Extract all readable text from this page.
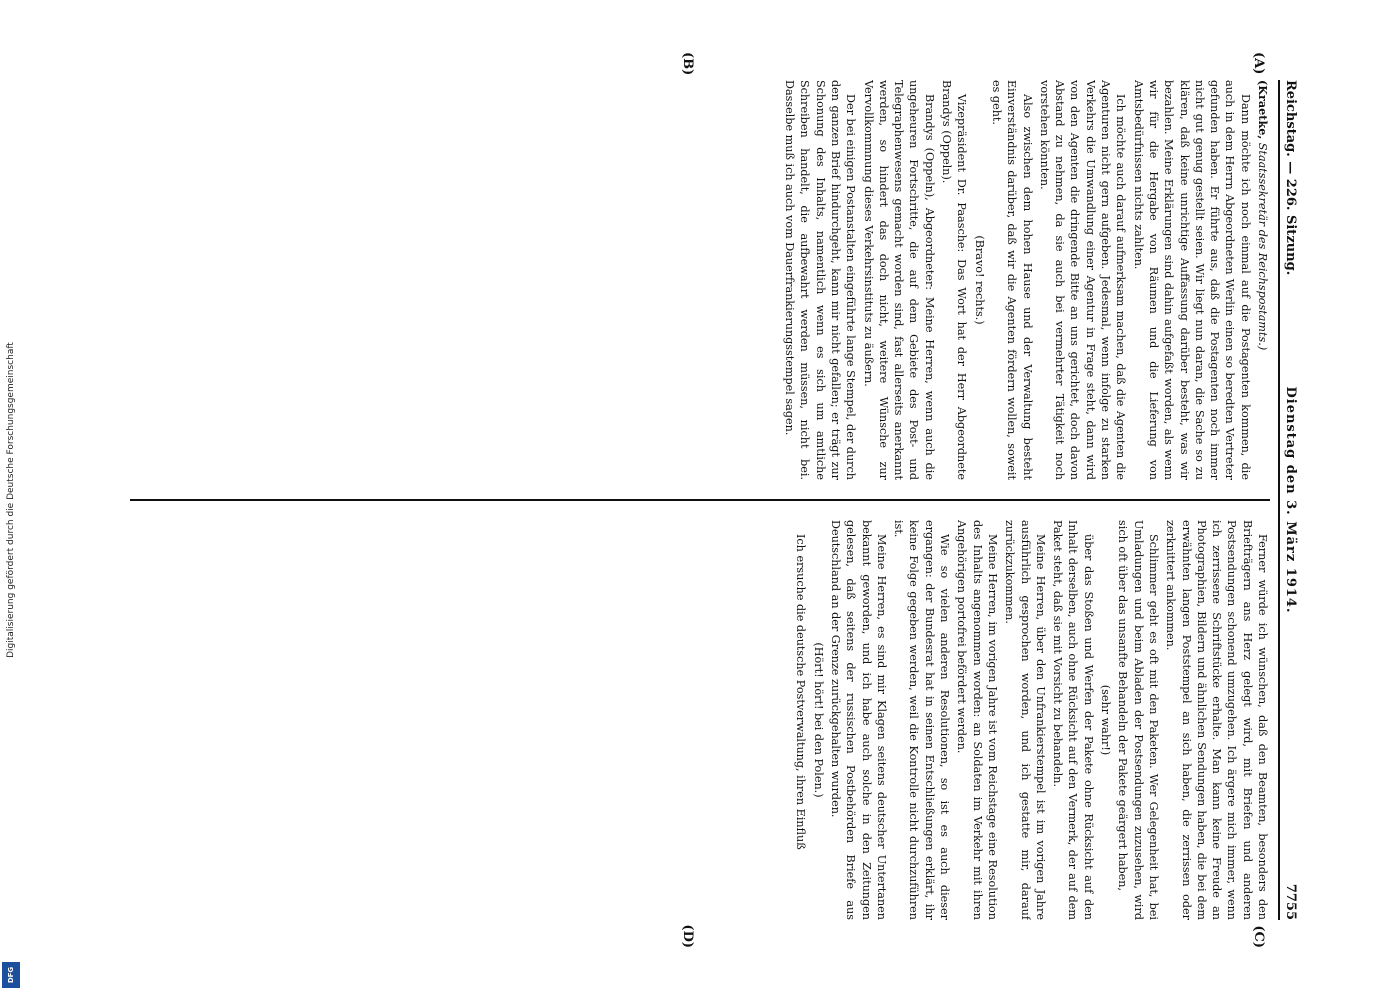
Digitalisierung gefördert durch die Deutsche Forschungsgemeinschaft
DFG
Reichstag. — 226. Sitzung.
Dienstag den 3. März 1914.
7755
(A)
(B)
(C)
(D)

(Kraetke, Staatssekretär des Reichspostamts.)

Dann möchte ich noch einmal auf die Postagenten kommen, die auch in dem Herrn Abgeordneten Werlin einen so beredten Vertreter gefunden haben. Er führte aus, daß die Postagenten noch immer nicht gut genug gestellt seien. Wir liegt nun daran, die Sache so zu klären, daß keine unrichtige Auffassung darüber besteht, was wir bezahlen. Meine Erklärungen sind dahin aufgefaßt worden, als wenn wir für die Hergabe von Räumen und die Lieferung von Amtsbedürfnissen nichts zahlten.

Ich möchte auch darauf aufmerksam machen, daß die Agenten die Agenturen nicht gern aufgeben. Jedesmal, wenn infolge zu starken Verkehrs die Umwandlung einer Agentur in Frage steht, dann wird von den Agenten die dringende Bitte an uns gerichtet, doch davon Abstand zu nehmen, da sie auch bei vermehrter Tätigkeit noch vorstehen könnten.

Also zwischen dem hohen Hause und der Verwaltung besteht Einverständnis darüber, daß wir die Agenten fördern wollen, soweit es geht.

(Bravo! rechts.)

Vizepräsident Dr. Paasche: Das Wort hat der Herr Abgeordnete Brandys (Oppeln).

Brandys (Oppeln), Abgeordneter: Meine Herren, wenn auch die ungeheuren Fortschritte, die auf dem Gebiete des Post- und Telegraphenwesens gemacht worden sind, fast allerseits anerkannt werden, so hindert das doch nicht, weitere Wünsche zur Vervollkommnung dieses Verkehrsinstituts zu äußern.

Der bei einigen Postanstalten eingeführte lange Stempel, der durch den ganzen Brief hindurchgeht, kann mir nicht gefallen; er trägt zur Schonung des Inhalts, namentlich wenn es sich um amtliche Schreiben handelt, die aufbewahrt werden müssen, nicht bei. Dasselbe muß ich auch vom Dauerfrankierungsstempel sagen.

Ferner würde ich wünschen, daß den Beamten, besonders den Briefträgern ans Herz gelegt wird, mit Briefen und anderen Postsendungen schonend umzugehen. Ich ärgere mich immer, wenn ich zerrissene Schriftstücke erhalte. Man kann keine Freude an Photographien, Bildern und ähnlichen Sendungen haben, die bei dem erwähnten langen Poststempel an sich haben, die zerrissen oder zerknittert ankommen.

Schlimmer geht es oft mit den Paketen. Wer Gelegenheit hat, bei Umladungen und beim Abladen der Postsendungen zuzusehen, wird sich oft über das unsanfte Behandeln der Pakete geärgert haben,

(sehr wahr!)

über das Stoßen und Werfen der Pakete ohne Rücksicht auf den Inhalt derselben, auch ohne Rücksicht auf den Vermerk, der auf dem Paket steht, daß sie mit Vorsicht zu behandeln.

Meine Herren, über den Unfrankierstempel ist im vorigen Jahre ausführlich gesprochen worden, und ich gestatte mir, darauf zurückzukommen.

Meine Herren, im vorigen Jahre ist vom Reichstage eine Resolution des Inhalts angenommen worden: an Soldaten im Verkehr mit ihren Angehörigen portofrei befördert werden.

Wie so vielen anderen Resolutionen, so ist es auch dieser ergangen: der Bundesrat hat in seinen Entschließungen erklärt, ihr keine Folge gegeben werden, weil die Kontrolle nicht durchzuführen ist.

Meine Herren, es sind mir Klagen seitens deutscher Untertanen bekannt geworden, und ich habe auch solche in den Zeitungen gelesen, daß seitens der russischen Postbehörden Briefe aus Deutschland an der Grenze zurückgehalten wurden.

(Hört! hört! bei den Polen.)

Ich ersuche die deutsche Postverwaltung, ihren Einfluß
